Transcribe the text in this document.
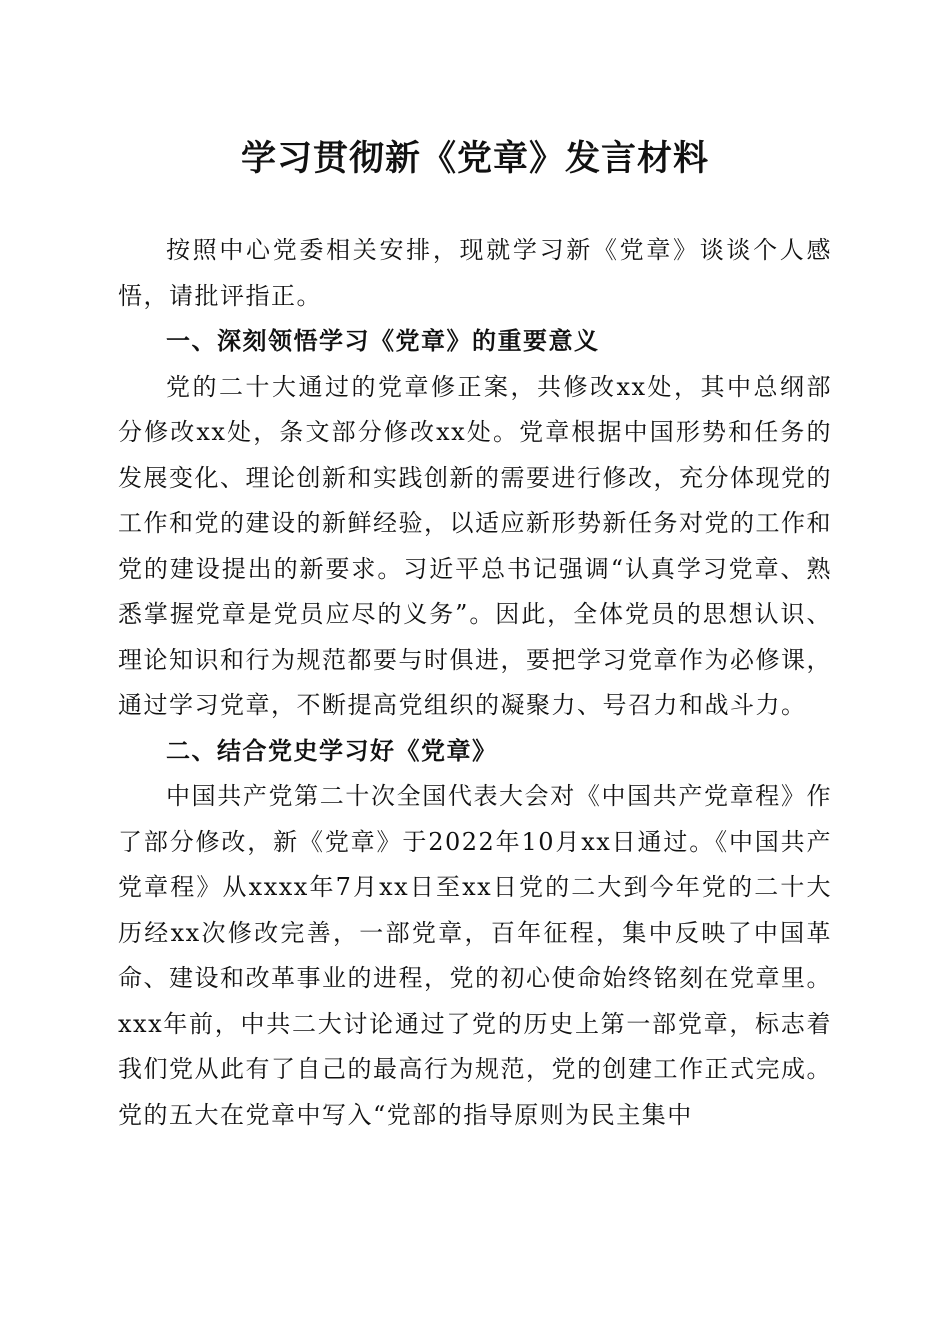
学习贯彻新《党章》发言材料

按照中心党委相关安排，现就学习新《党章》谈谈个人感悟，请批评指正。

一、深刻领悟学习《党章》的重要意义

党的二十大通过的党章修正案，共修改xx处，其中总纲部分修改xx处，条文部分修改xx处。党章根据中国形势和任务的发展变化、理论创新和实践创新的需要进行修改，充分体现党的工作和党的建设的新鲜经验，以适应新形势新任务对党的工作和党的建设提出的新要求。习近平总书记强调“认真学习党章、熟悉掌握党章是党员应尽的义务”。因此，全体党员的思想认识、理论知识和行为规范都要与时俱进，要把学习党章作为必修课，通过学习党章，不断提高党组织的凝聚力、号召力和战斗力。

二、结合党史学习好《党章》

中国共产党第二十次全国代表大会对《中国共产党章程》作了部分修改，新《党章》于2022年10月xx日通过。《中国共产党章程》从xxxx年7月xx日至xx日党的二大到今年党的二十大历经xx次修改完善，一部党章，百年征程，集中反映了中国革命、建设和改革事业的进程，党的初心使命始终铭刻在党章里。xxx年前，中共二大讨论通过了党的历史上第一部党章，标志着我们党从此有了自己的最高行为规范，党的创建工作正式完成。党的五大在党章中写入“党部的指导原则为民主集中
